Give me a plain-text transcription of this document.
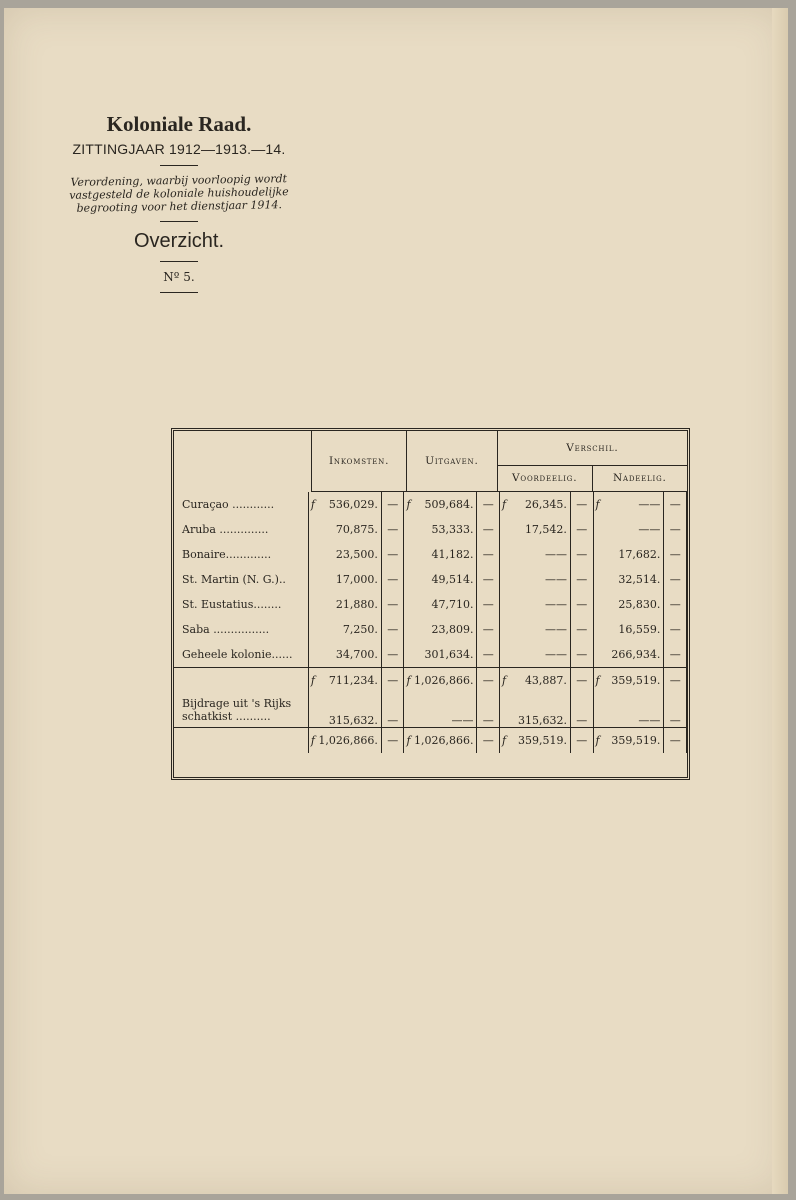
Koloniale Raad.
ZITTINGJAAR 1912—1913.—14.
Verordening, waarbij voorloopig wordt vastgesteld de koloniale huishoudelijke begrooting voor het dienstjaar 1914.
Overzicht.
Nº 5.
	Inkomsten.	Uitgaven.	Verschil.	
			Voordeelig.	Nadeelig.
Curaçao ............	f	536,029.	—	f	509,684.	—	f	26,345.	—	f	——	—
Aruba ..............		70,875.	—		53,333.	—		17,542.	—		——	—
Bonaire.............		23,500.	—		41,182.	—		——	—		17,682.	—
St. Martin (N. G.)..		17,000.	—		49,514.	—		——	—		32,514.	—
St. Eustatius........		21,880.	—		47,710.	—		——	—		25,830.	—
Saba ................		7,250.	—		23,809.	—		——	—		16,559.	—
Geheele kolonie......		34,700.	—		301,634.	—		——	—		266,934.	—
	f	711,234.	—	f	1,026,866.	—	f	43,887.	—	f	359,519.	—

Bijdrage uit 's Rijks
schatkist ..........		315,632.	—		——	—		315,632.	—		——	—
	f	1,026,866.	—	f	1,026,866.	—	f	359,519.	—	f	359,519.	—
